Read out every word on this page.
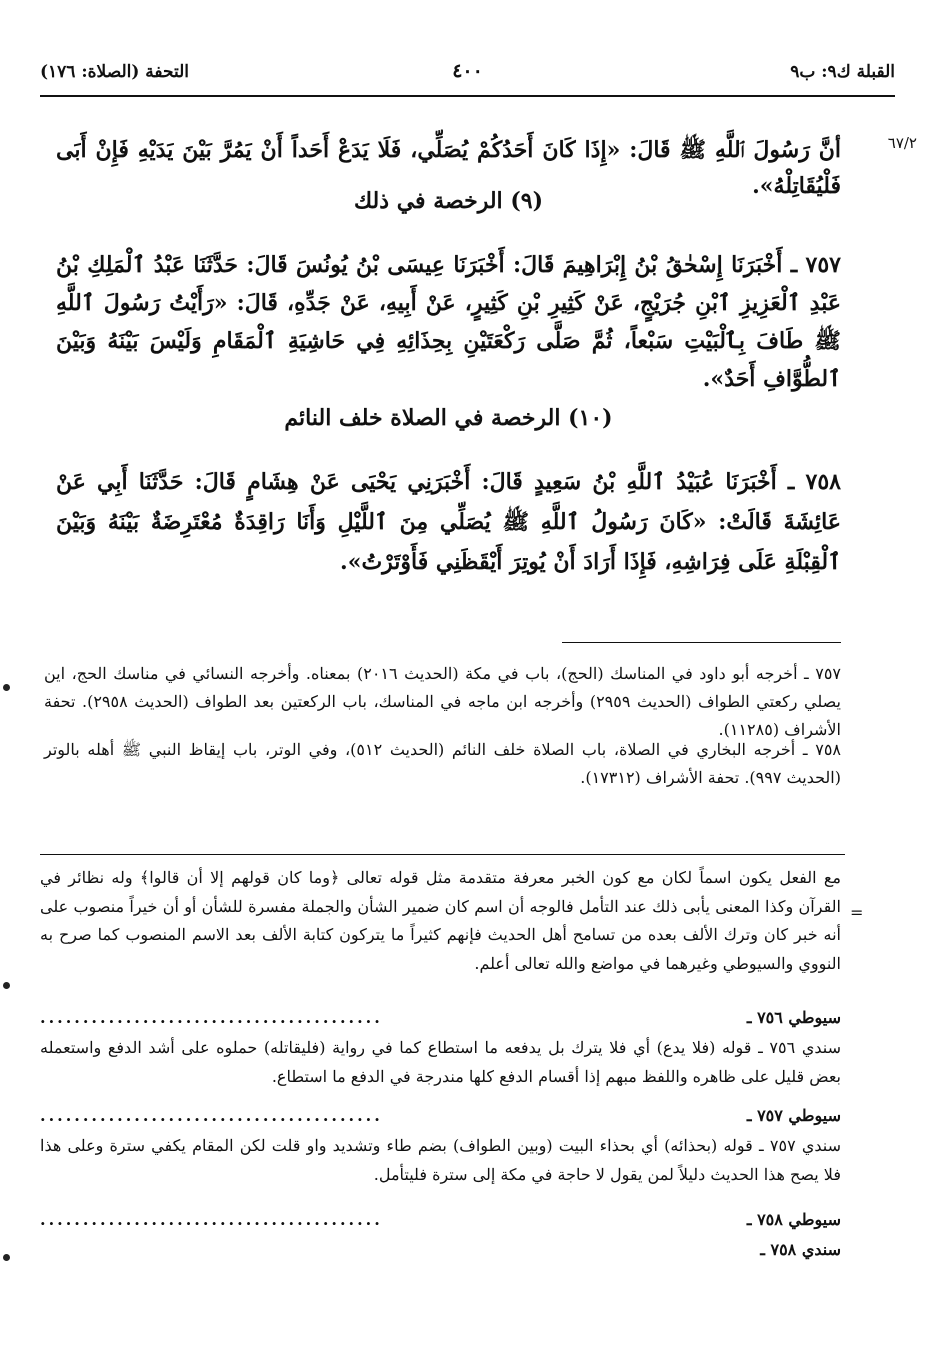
القبلة ك٩: ب٩
٤٠٠
التحفة (الصلاة: ١٧٦)
٦٧/٢
أنَّ رَسُولَ ٱللَّهِ ﷺ قَالَ: «إِذَا كَانَ أَحَدُكُمْ يُصَلِّي، فَلَا يَدَعْ أَحَداً أَنْ يَمُرَّ بَيْنَ يَدَيْهِ فَإِنْ أَبَى فَلْيُقَاتِلْهُ».
(٩) الرخصة في ذلك
٧٥٧ ـ أَخْبَرَنَا إِسْحٰقُ بْنُ إِبْرَاهِيمَ قَالَ: أَخْبَرَنَا عِيسَى بْنُ يُونُسَ قَالَ: حَدَّثَنَا عَبْدُ ٱلْمَلِكِ بْنُ عَبْدِ ٱلْعَزِيزِ ٱبْنِ جُرَيْجٍ، عَنْ كَثِيرِ بْنِ كَثِيرٍ، عَنْ أَبِيهِ، عَنْ جَدِّهِ، قَالَ: «رَأَيْتُ رَسُولَ ٱللَّهِ ﷺ طَافَ بِٱلْبَيْتِ سَبْعاً، ثُمَّ صَلَّى رَكْعَتَيْنِ بِحِذَائِهِ فِي حَاشِيَةِ ٱلْمَقَامِ وَلَيْسَ بَيْنَهُ وَبَيْنَ ٱلطُّوَّافِ أَحَدٌ».
(١٠) الرخصة في الصلاة خلف النائم
٧٥٨ ـ أَخْبَرَنَا عُبَيْدُ ٱللَّهِ بْنُ سَعِيدٍ قَالَ: أَخْبَرَنِي يَحْيَى عَنْ هِشَامٍ قَالَ: حَدَّثَنَا أَبِي عَنْ عَائِشَةَ قَالَتْ: «كَانَ رَسُولُ ٱللَّهِ ﷺ يُصَلِّي مِنَ ٱللَّيْلِ وَأَنَا رَاقِدَةٌ مُعْتَرِضَةٌ بَيْنَهُ وَبَيْنَ ٱلْقِبْلَةِ عَلَى فِرَاشِهِ، فَإِذَا أَرَادَ أَنْ يُوتِرَ أَيْقَظَنِي فَأَوْتَرْتُ».
٧٥٧ ـ أخرجه أبو داود في المناسك (الحج)، باب في مكة (الحديث ٢٠١٦) بمعناه. وأخرجه النسائي في مناسك الحج، اين يصلي ركعتي الطواف (الحديث ٢٩٥٩) وأخرجه ابن ماجه في المناسك، باب الركعتين بعد الطواف (الحديث ٢٩٥٨). تحفة الأشراف (١١٢٨٥).
٧٥٨ ـ أخرجه البخاري في الصلاة، باب الصلاة خلف النائم (الحديث ٥١٢)، وفي الوتر، باب إيقاظ النبي ﷺ أهله بالوتر (الحديث ٩٩٧). تحفة الأشراف (١٧٣١٢).
=
مع الفعل يكون اسماً لكان مع كون الخبر معرفة متقدمة مثل قوله تعالى ﴿وما كان قولهم إلا أن قالوا﴾ وله نظائر في القرآن وكذا المعنى يأبى ذلك عند التأمل فالوجه أن اسم كان ضمير الشأن والجملة مفسرة للشأن أو أن خيراً منصوب على أنه خبر كان وترك الألف بعده من تسامح أهل الحديث فإنهم كثيراً ما يتركون كتابة الألف بعد الاسم المنصوب كما صرح به النووي والسيوطي وغيرهما في مواضع والله تعالى أعلم.
سيوطي ٧٥٦ ـ
........................................
سندي ٧٥٦ ـ قوله (فلا يدع) أي فلا يترك بل يدفعه ما استطاع كما في رواية (فليقاتله) حملوه على أشد الدفع واستعمله بعض قليل على ظاهره واللفظ مبهم إذا أقسام الدفع كلها مندرجة في الدفع ما استطاع.
سيوطي ٧٥٧ ـ
........................................
سندي ٧٥٧ ـ قوله (بحذائه) أي بحذاء البيت (وبين الطواف) بضم طاء وتشديد واو قلت لكن المقام يكفي سترة وعلى هذا فلا يصح هذا الحديث دليلاً لمن يقول لا حاجة في مكة إلى سترة فليتأمل.
سيوطي ٧٥٨ ـ
........................................
سندي ٧٥٨ ـ
